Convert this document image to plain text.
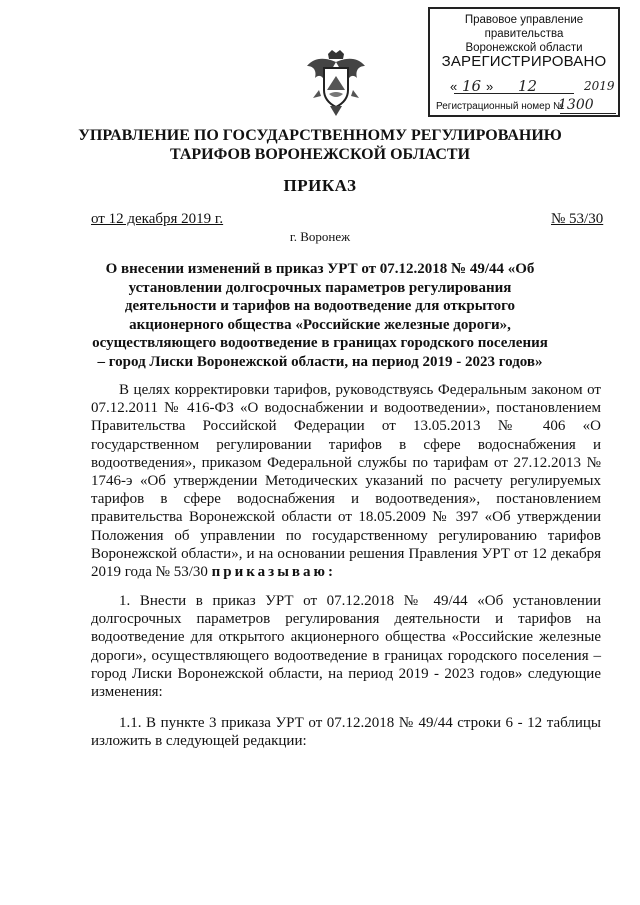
Правовое управление правительства
Воронежской области
ЗАРЕГИСТРИРОВАНО
« 16 » 12	2019
Регистрационный номер №
1300
УПРАВЛЕНИЕ ПО ГОСУДАРСТВЕННОМУ РЕГУЛИРОВАНИЮ
ТАРИФОВ ВОРОНЕЖСКОЙ ОБЛАСТИ
ПРИКАЗ
от 12 декабря 2019 г.	№ 53/30
г. Воронеж
О внесении изменений в приказ УРТ от 07.12.2018 № 49/44 «Об установлении долгосрочных параметров регулирования деятельности и тарифов на водоотведение для открытого акционерного общества «Российские железные дороги», осуществляющего водоотведение в границах городского поселения – город Лиски Воронежской области, на период 2019 - 2023 годов»
В целях корректировки тарифов, руководствуясь Федеральным законом от 07.12.2011 № 416-ФЗ «О водоснабжении и водоотведении», постановлением Правительства Российской Федерации от 13.05.2013 № 406 «О государственном регулировании тарифов в сфере водоснабжения и водоотведения», приказом Федеральной службы по тарифам от 27.12.2013 № 1746-э «Об утверждении Методических указаний по расчету регулируемых тарифов в сфере водоснабжения и водоотведения», постановлением правительства Воронежской области от 18.05.2009 № 397 «Об утверждении Положения об управлении по государственному регулированию тарифов Воронежской области», и на основании решения Правления УРТ от 12 декабря 2019 года № 53/30 приказываю:
1. Внести в приказ УРТ от 07.12.2018 № 49/44 «Об установлении долгосрочных параметров регулирования деятельности и тарифов на водоотведение для открытого акционерного общества «Российские железные дороги», осуществляющего водоотведение в границах городского поселения – город Лиски Воронежской области, на период 2019 - 2023 годов» следующие изменения:
1.1. В пункте 3 приказа УРТ от 07.12.2018 № 49/44 строки 6 - 12 таблицы изложить в следующей редакции:
